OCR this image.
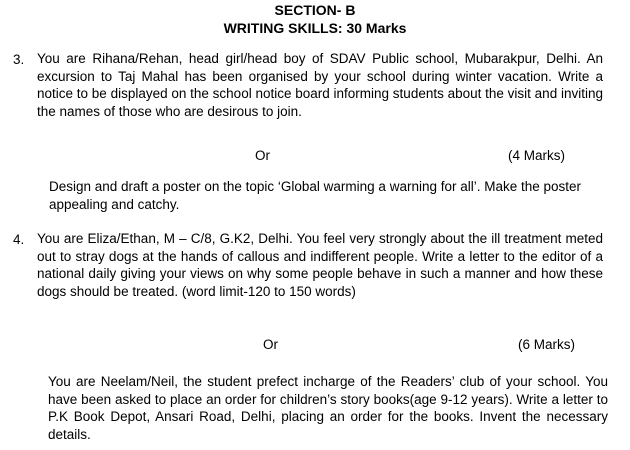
SECTION- B
WRITING SKILLS: 30 Marks
3. You are Rihana/Rehan, head girl/head boy of SDAV Public school, Mubarakpur, Delhi. An excursion to Taj Mahal has been organised by your school during winter vacation. Write a notice to be displayed on the school notice board informing students about the visit and inviting the names of those who are desirous to join.
Or	(4 Marks)
Design and draft a poster on the topic ‘Global warming a warning for all’. Make the poster appealing and catchy.
4. You are Eliza/Ethan, M – C/8, G.K2, Delhi. You feel very strongly about the ill treatment meted out to stray dogs at the hands of callous and indifferent people. Write a letter to the editor of a national daily giving your views on why some people behave in such a manner and how these dogs should be treated. (word limit-120 to 150 words)
Or	(6 Marks)
You are Neelam/Neil, the student prefect incharge of the Readers’ club of your school. You have been asked to place an order for children’s story books(age 9-12 years). Write a letter to P.K Book Depot, Ansari Road, Delhi, placing an order for the books. Invent the necessary details.
